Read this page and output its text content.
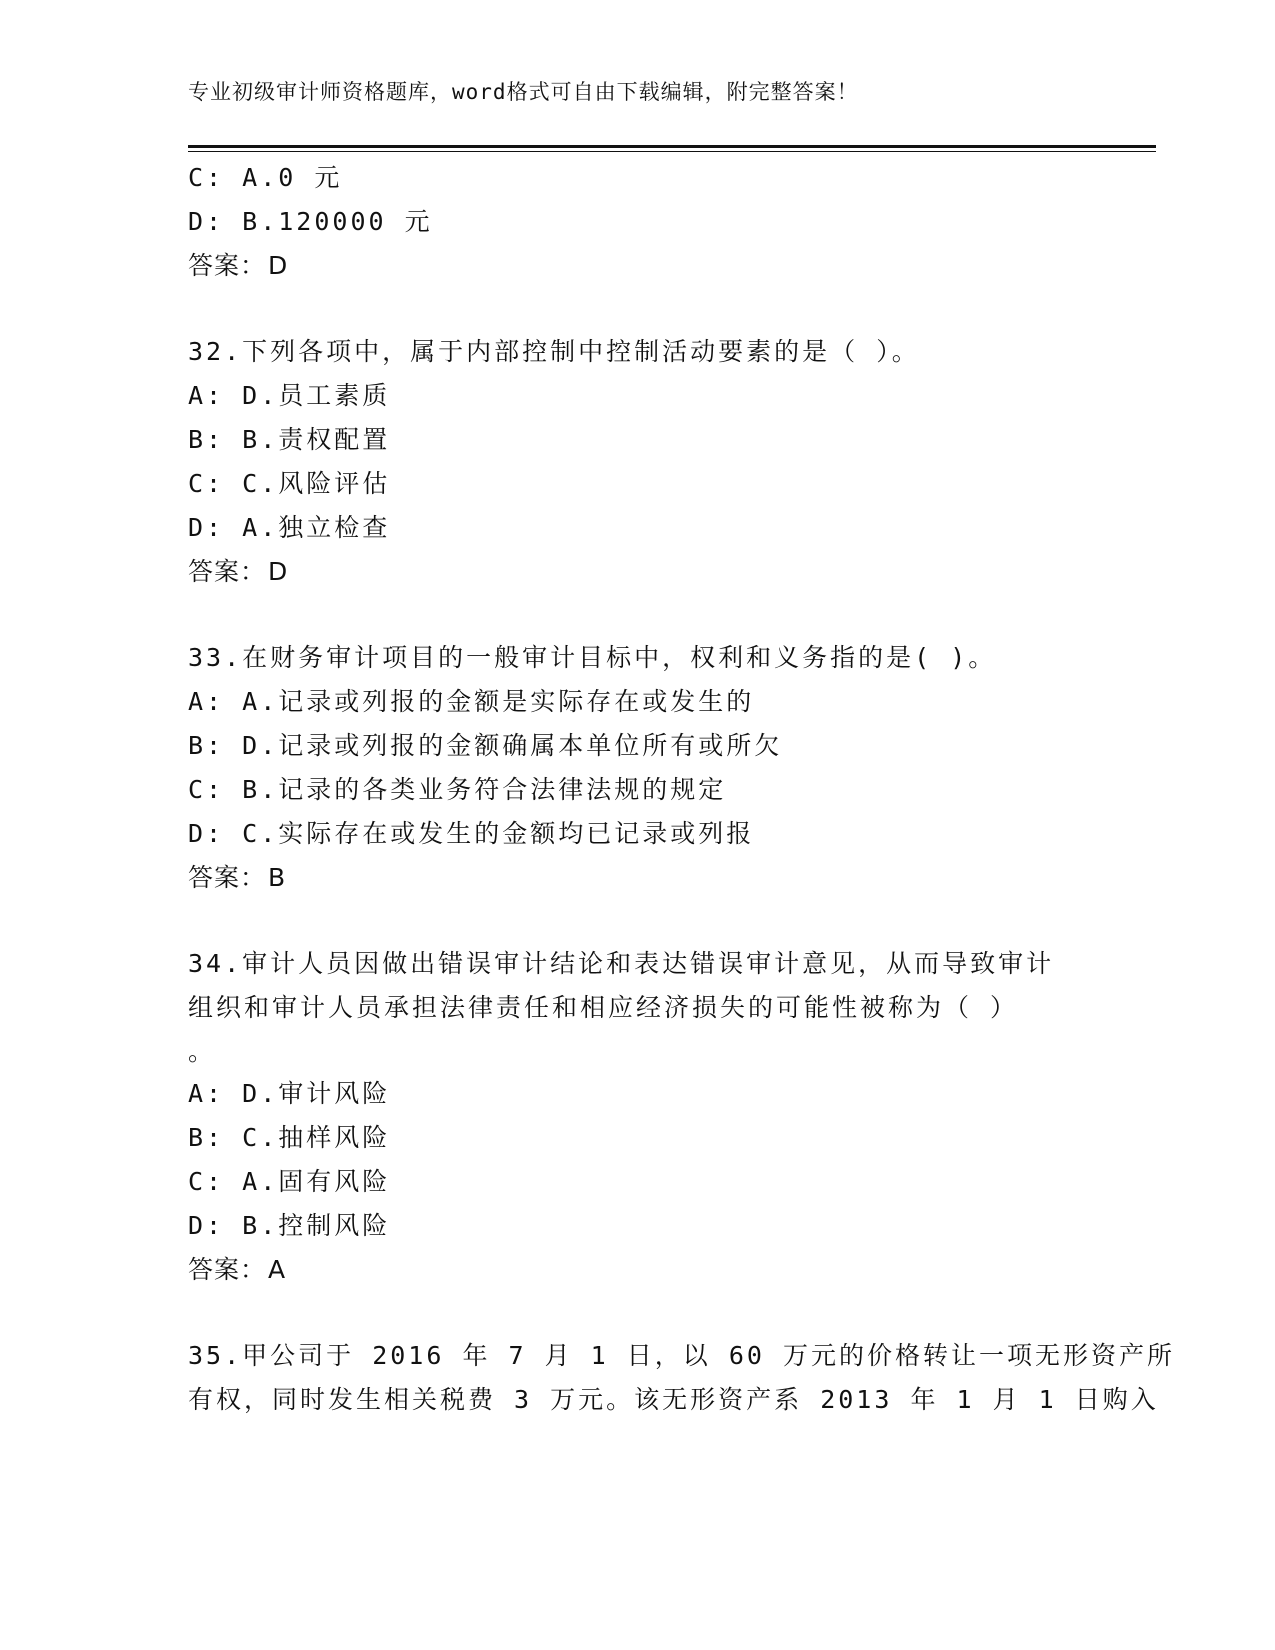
专业初级审计师资格题库，word格式可自由下载编辑，附完整答案！
C: A.0 元
D: B.120000 元
答案：D
32.下列各项中，属于内部控制中控制活动要素的是（ ）。
A: D.员工素质
B: B.责权配置
C: C.风险评估
D: A.独立检查
答案：D
33.在财务审计项目的一般审计目标中，权利和义务指的是( )。
A: A.记录或列报的金额是实际存在或发生的
B: D.记录或列报的金额确属本单位所有或所欠
C: B.记录的各类业务符合法律法规的规定
D: C.实际存在或发生的金额均已记录或列报
答案：B
34.审计人员因做出错误审计结论和表达错误审计意见，从而导致审计
组织和审计人员承担法律责任和相应经济损失的可能性被称为（ ）
。
A: D.审计风险
B: C.抽样风险
C: A.固有风险
D: B.控制风险
答案：A
35.甲公司于 2016 年 7 月 1 日，以 60 万元的价格转让一项无形资产所
有权，同时发生相关税费 3 万元。该无形资产系 2013 年 1 月 1 日购入
